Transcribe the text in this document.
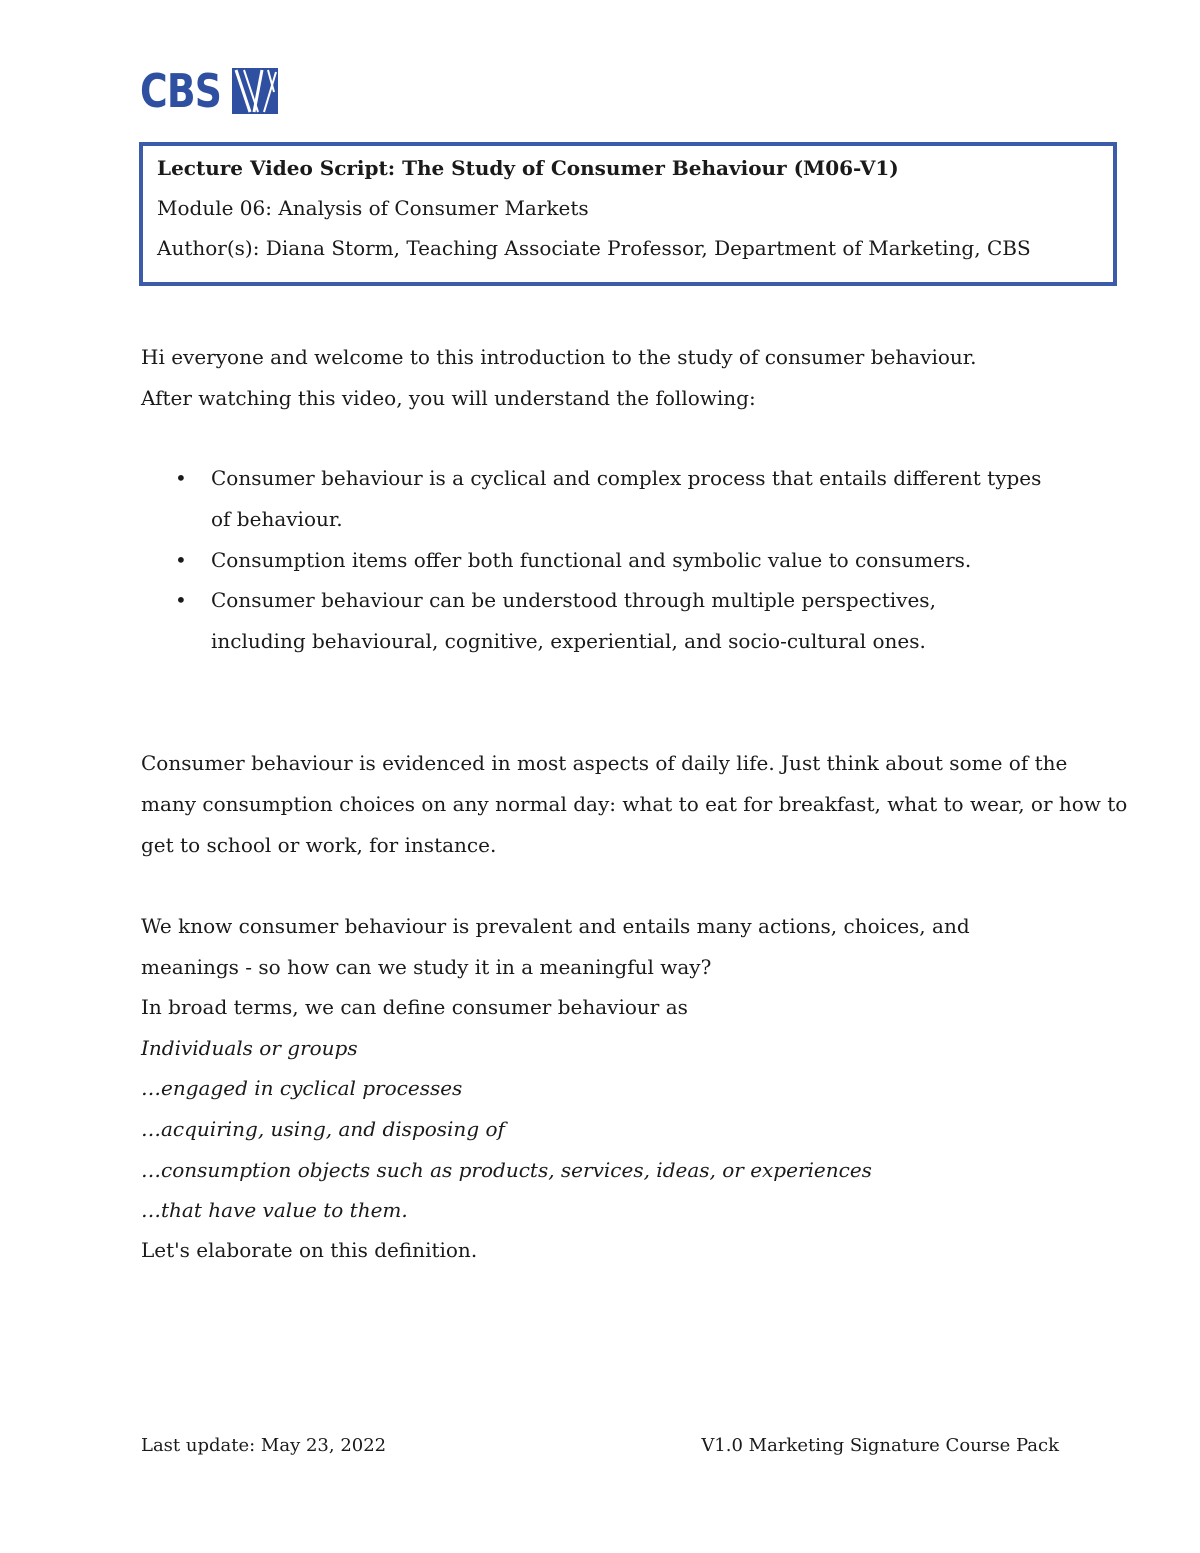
CBS
Lecture Video Script: The Study of Consumer Behaviour (M06-V1)
Module 06: Analysis of Consumer Markets
Author(s): Diana Storm, Teaching Associate Professor, Department of Marketing, CBS
Hi everyone and welcome to this introduction to the study of consumer behaviour.
After watching this video, you will understand the following:
• Consumer behaviour is a cyclical and complex process that entails different types of behaviour.
• Consumption items offer both functional and symbolic value to consumers.
• Consumer behaviour can be understood through multiple perspectives, including behavioural, cognitive, experiential, and socio-cultural ones.
Consumer behaviour is evidenced in most aspects of daily life. Just think about some of the
many consumption choices on any normal day: what to eat for breakfast, what to wear, or how to
get to school or work, for instance.
We know consumer behaviour is prevalent and entails many actions, choices, and
meanings - so how can we study it in a meaningful way?
In broad terms, we can define consumer behaviour as
Individuals or groups
…engaged in cyclical processes
…acquiring, using, and disposing of
…consumption objects such as products, services, ideas, or experiences
…that have value to them.
Let's elaborate on this definition.
Last update: May 23, 2022	V1.0 Marketing Signature Course Pack
